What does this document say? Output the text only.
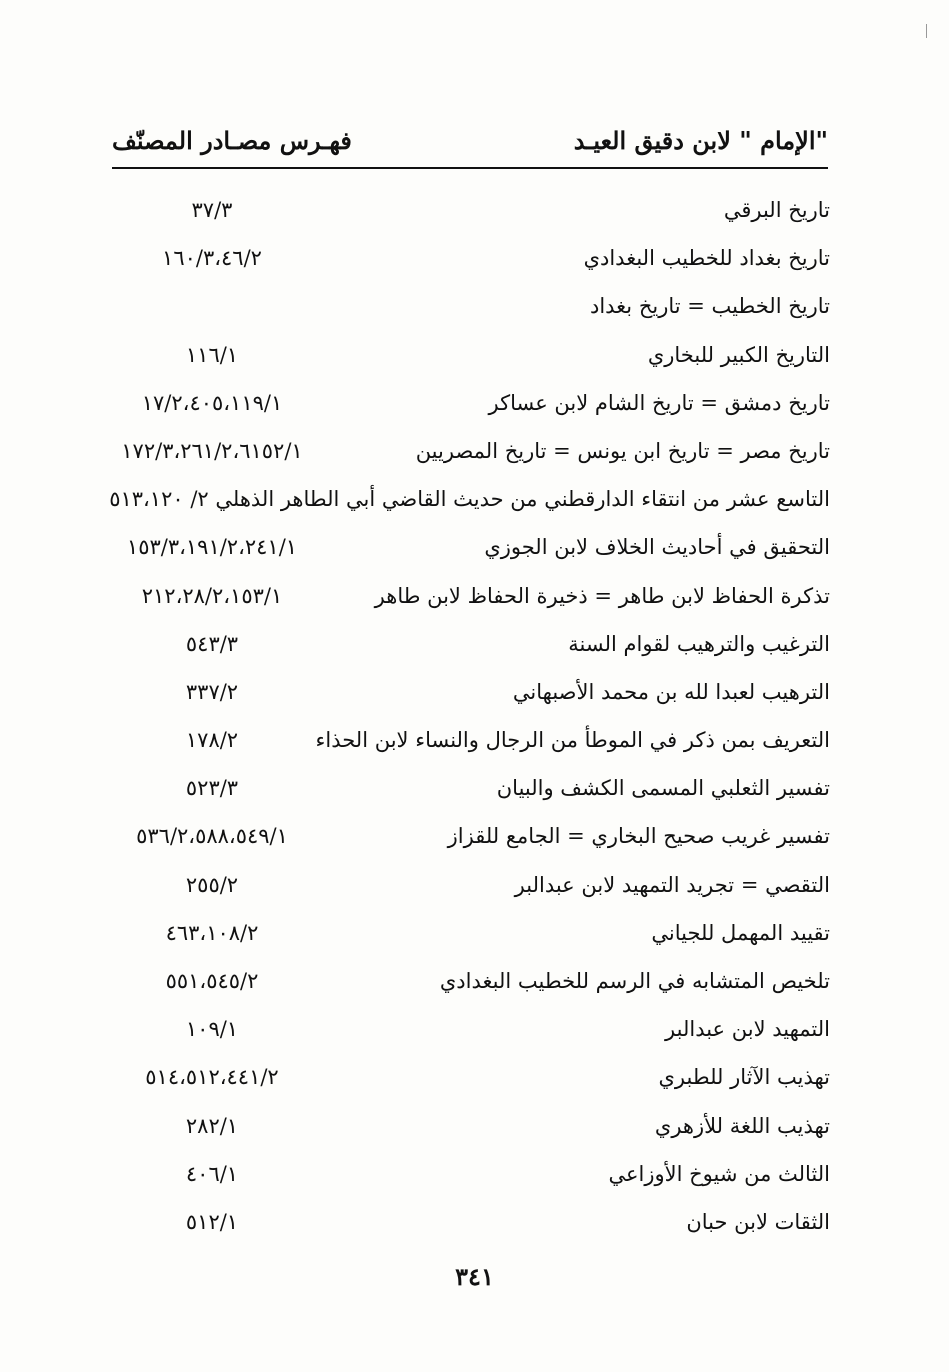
"الإمام " لابن دقيق العيـد
فهـرس مصـادر المصنّف
تاريخ البرقي
٣٧/٣
تاريخ بغداد للخطيب البغدادي
١٦٠/٣،٤٦/٢
تاريخ الخطيب = تاريخ بغداد
التاريخ الكبير للبخاري
١١٦/١
تاريخ دمشق = تاريخ الشام لابن عساكر
١٧/٢،٤٠٥،١١٩/١
تاريخ مصر = تاريخ ابن يونس = تاريخ المصريين
١٧٢/٣،٢٦١/٢،٦١٥٢/١
التاسع عشر من انتقاء الدارقطني من حديث القاضي أبي الطاهر الذهلي ٢/ ٥١٣،١٢٠
التحقيق في أحاديث الخلاف لابن الجوزي
١٥٣/٣،١٩١/٢،٢٤١/١
تذكرة الحفاظ لابن طاهر = ذخيرة الحفاظ لابن طاهر
٢١٢،٢٨/٢،١٥٣/١
الترغيب والترهيب لقوام السنة
٥٤٣/٣
الترهيب لعبدا لله بن محمد الأصبهاني
٣٣٧/٢
التعريف بمن ذكر في الموطأ من الرجال والنساء لابن الحذاء
١٧٨/٢
تفسير الثعلبي المسمى الكشف والبيان
٥٢٣/٣
تفسير غريب صحيح البخاري = الجامع للقزاز
٥٣٦/٢،٥٨٨،٥٤٩/١
التقصي = تجريد التمهيد لابن عبدالبر
٢٥٥/٢
تقييد المهمل للجياني
٤٦٣،١٠٨/٢
تلخيص المتشابه في الرسم للخطيب البغدادي
٥٥١،٥٤٥/٢
التمهيد لابن عبدالبر
١٠٩/١
تهذيب الآثار للطبري
٥١٤،٥١٢،٤٤١/٢
تهذيب اللغة للأزهري
٢٨٢/١
الثالث من شيوخ الأوزاعي
٤٠٦/١
الثقات لابن حبان
٥١٢/١
٣٤١
